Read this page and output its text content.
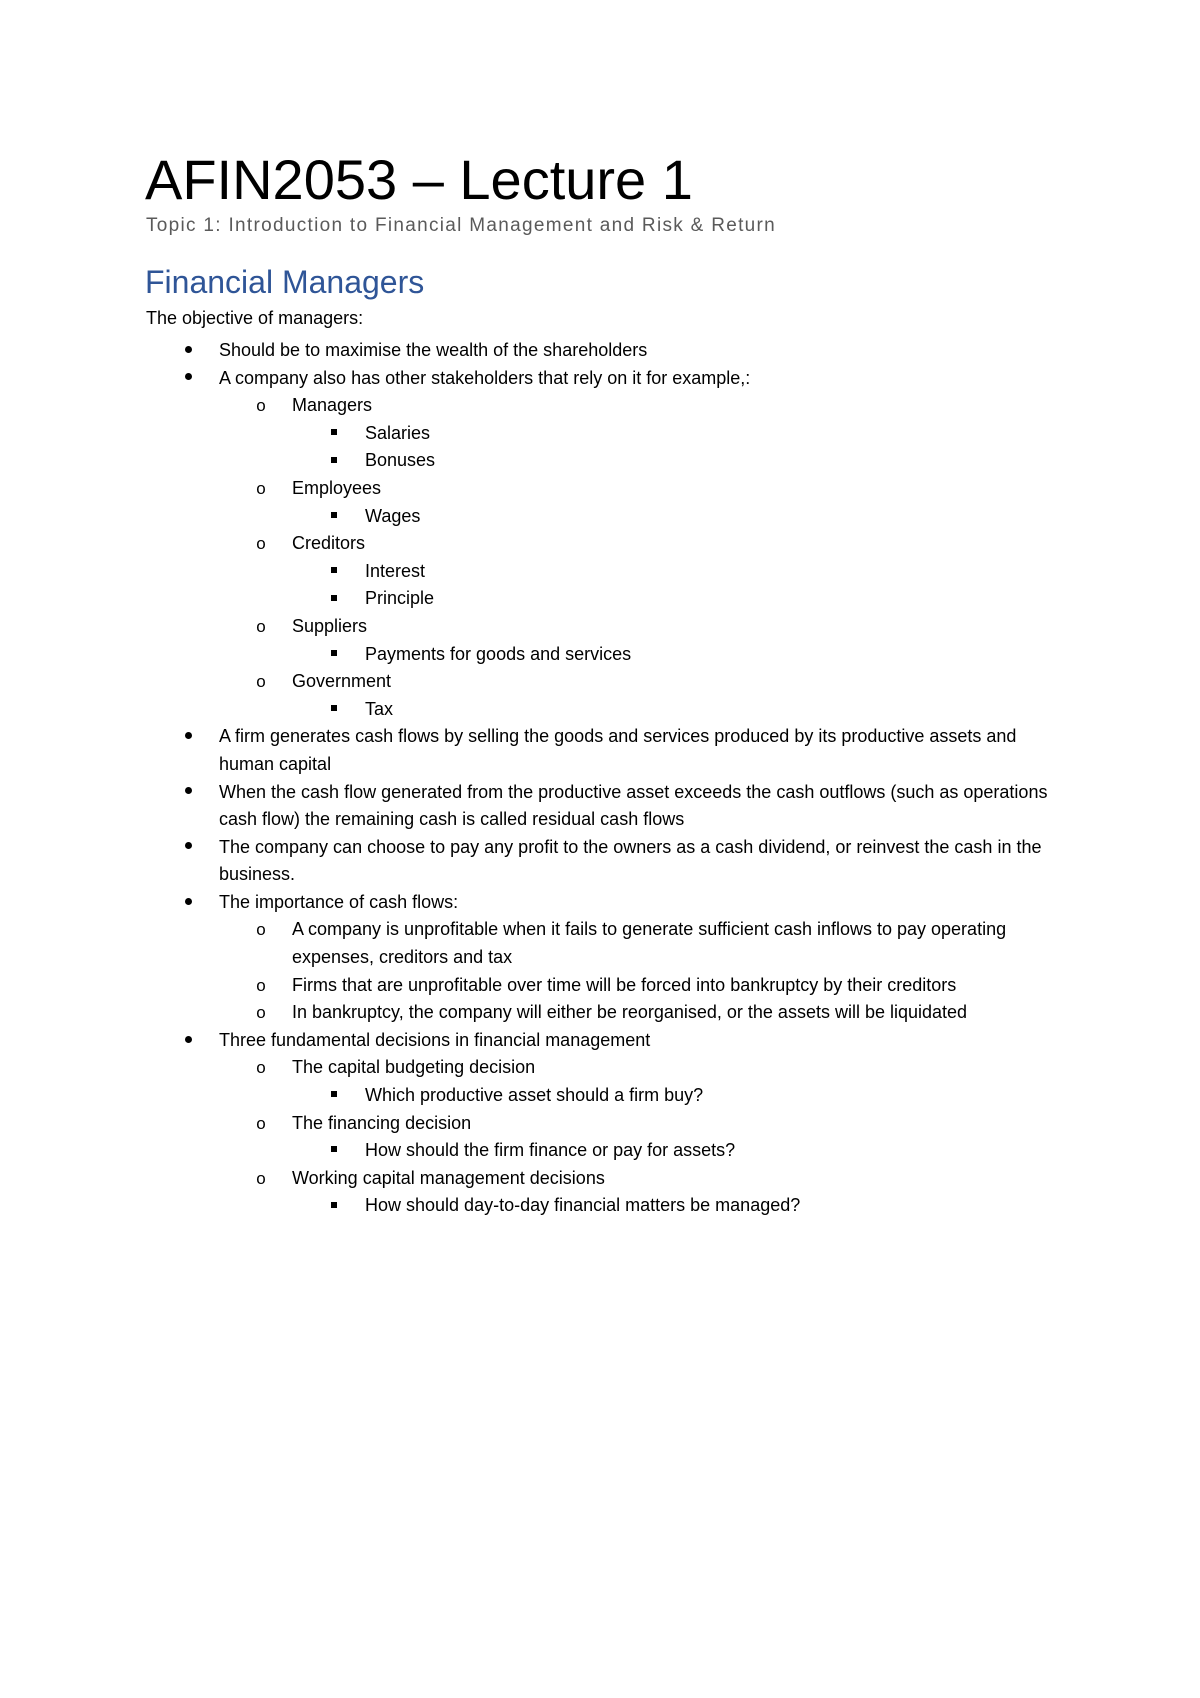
AFIN2053 – Lecture 1

Topic 1: Introduction to Financial Management and Risk & Return

Financial Managers

The objective of managers:

Should be to maximise the wealth of the shareholders
A company also has other stakeholders that rely on it for example,:
o Managers
Salaries
Bonuses
o Employees
Wages
o Creditors
Interest
Principle
o Suppliers
Payments for goods and services
o Government
Tax
A firm generates cash flows by selling the goods and services produced by its productive assets and human capital
When the cash flow generated from the productive asset exceeds the cash outflows (such as operations cash flow) the remaining cash is called residual cash flows
The company can choose to pay any profit to the owners as a cash dividend, or reinvest the cash in the business.
The importance of cash flows:
o A company is unprofitable when it fails to generate sufficient cash inflows to pay operating expenses, creditors and tax
o Firms that are unprofitable over time will be forced into bankruptcy by their creditors
o In bankruptcy, the company will either be reorganised, or the assets will be liquidated
Three fundamental decisions in financial management
o The capital budgeting decision
Which productive asset should a firm buy?
o The financing decision
How should the firm finance or pay for assets?
o Working capital management decisions
How should day-to-day financial matters be managed?
